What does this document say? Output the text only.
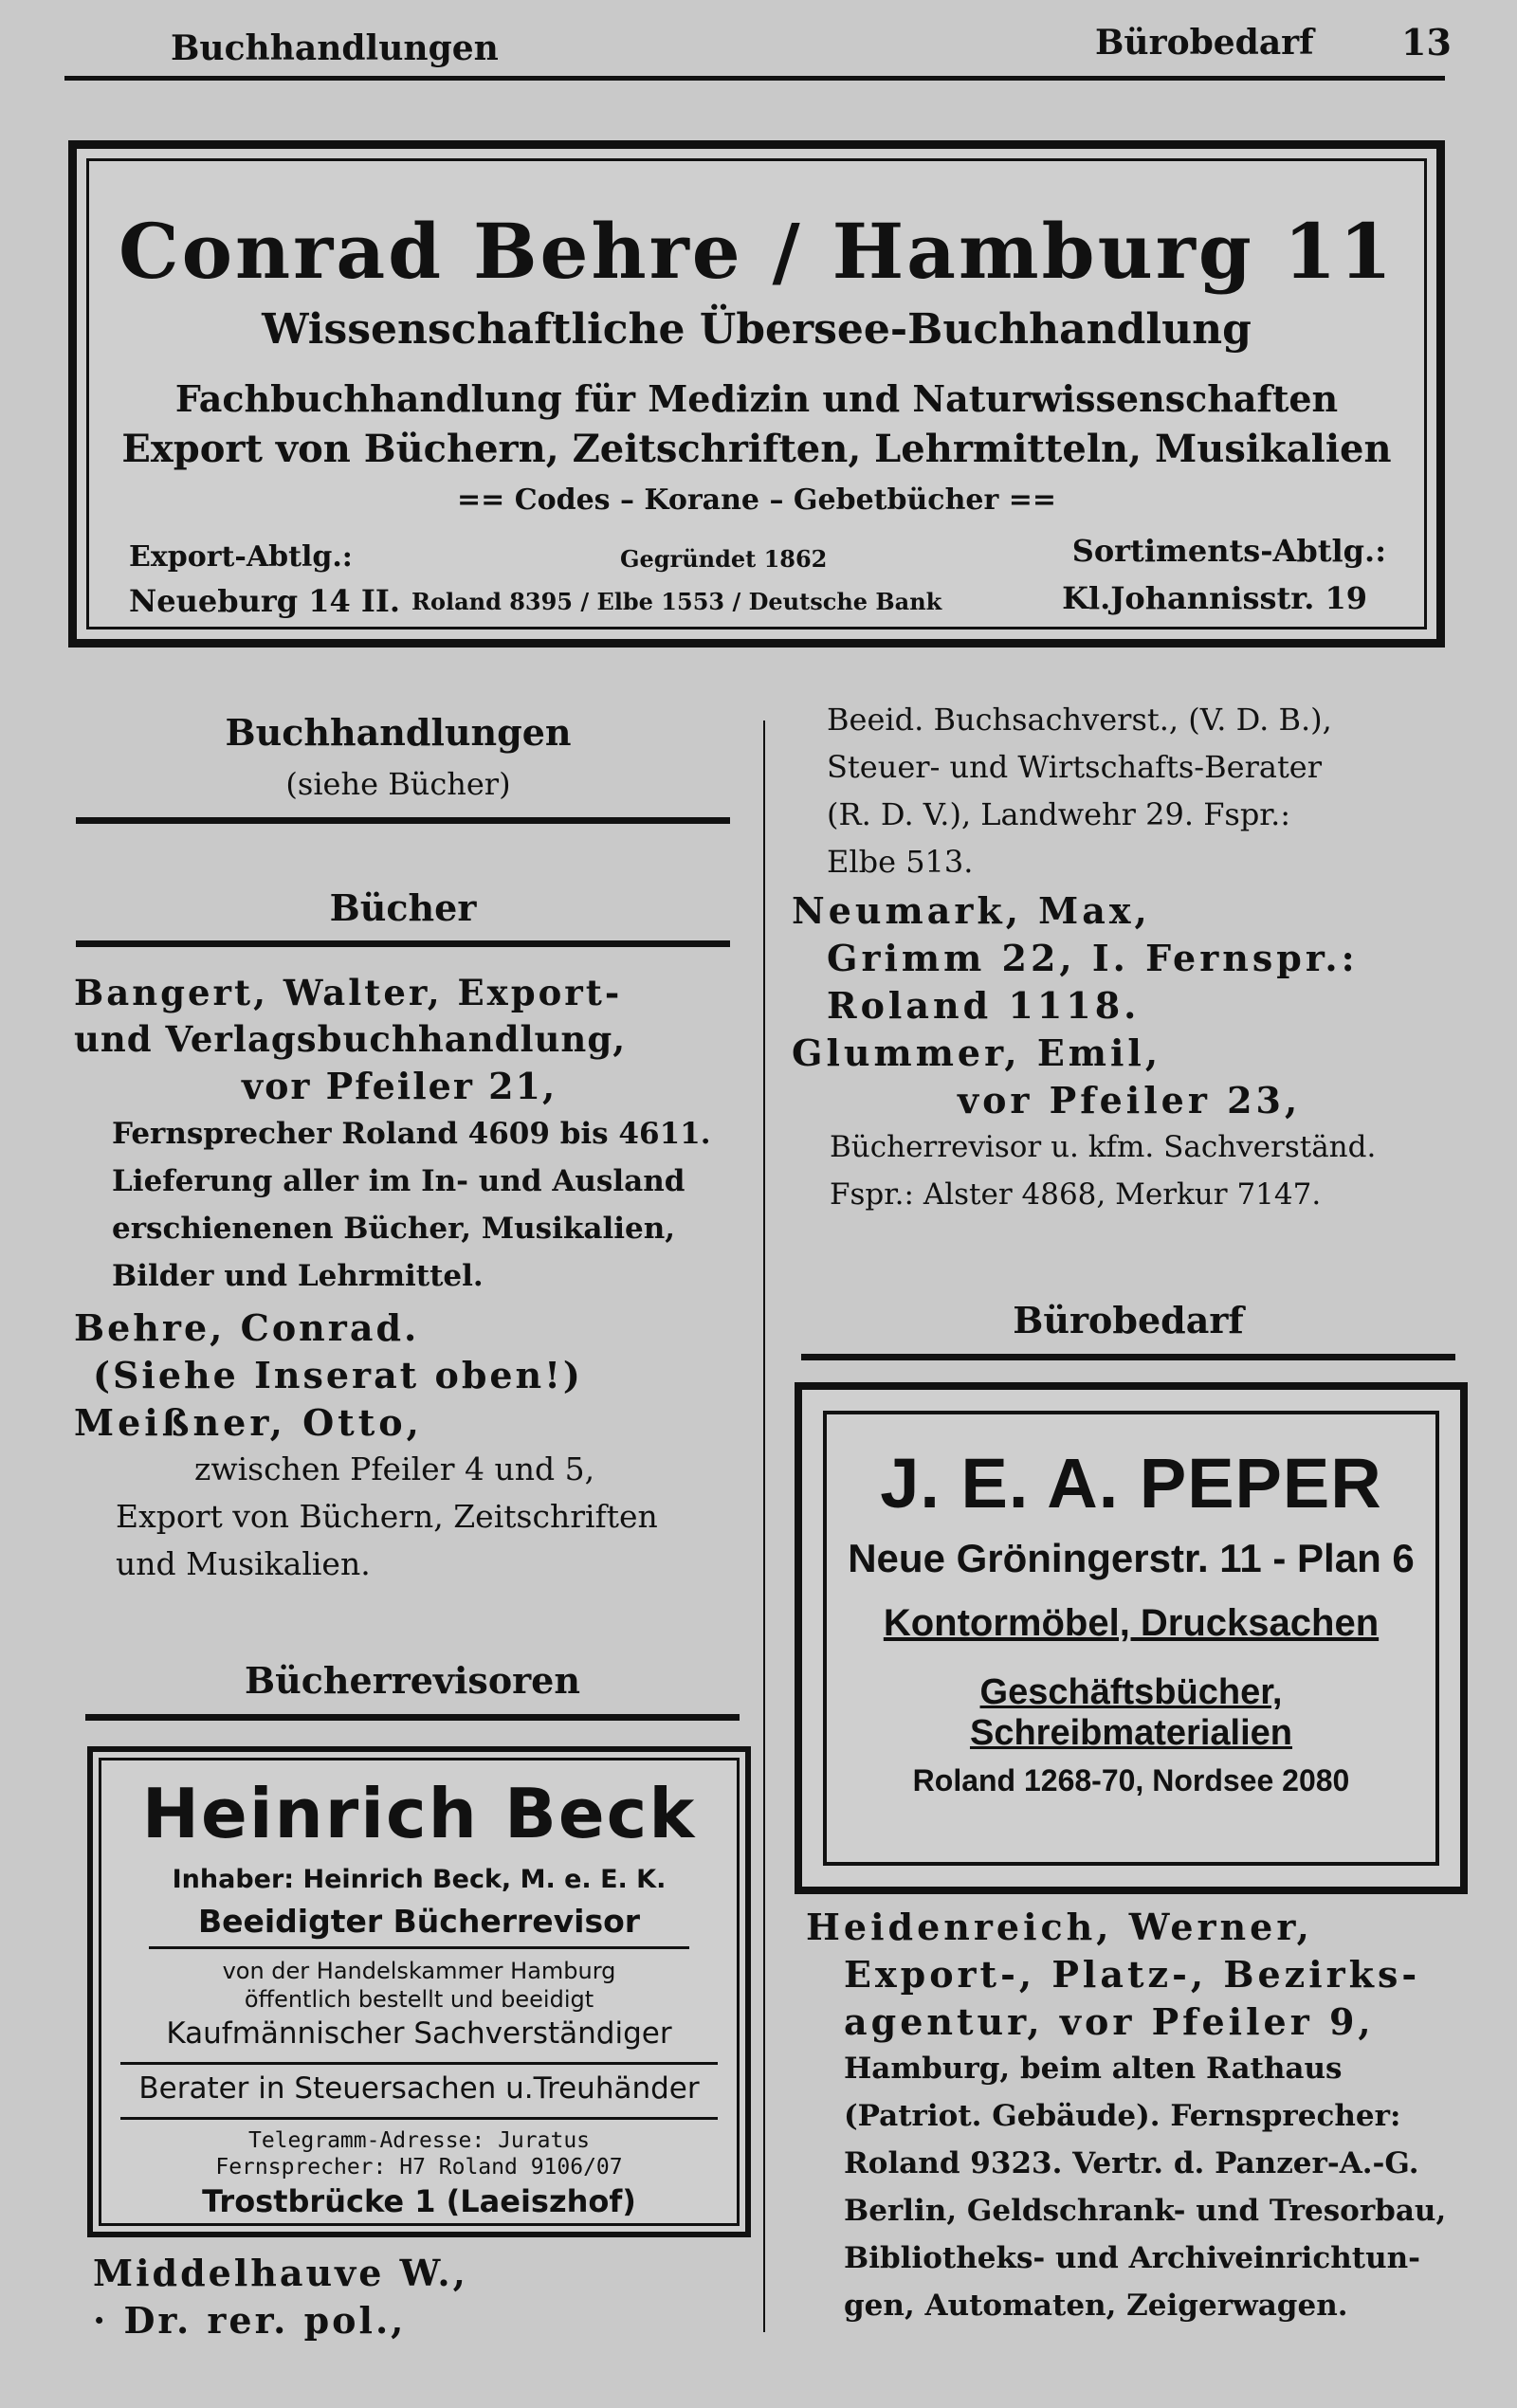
Buchhandlungen	Bürobedarf 13
Conrad Behre / Hamburg 11
Wissenschaftliche Übersee-Buchhandlung
Fachbuchhandlung für Medizin und Naturwissenschaften
Export von Büchern, Zeitschriften, Lehrmitteln, Musikalien
== Codes – Korane – Gebetbücher ==
Export-Abtlg.:
Neueburg 14 II.
Gegründet 1862
Roland 8395 / Elbe 1553 / Deutsche Bank
Sortiments-Abtlg.:
Kl.Johannisstr. 19
Buchhandlungen
(siehe Bücher)
Bücher
Bangert, Walter, Export-
und Verlagsbuchhandlung,
vor Pfeiler 21,
Fernsprecher Roland 4609 bis 4611.
Lieferung aller im In- und Ausland
erschienenen Bücher, Musikalien,
Bilder und Lehrmittel.
Behre, Conrad.
(Siehe Inserat oben!)
Meißner, Otto,
zwischen Pfeiler 4 und 5,
Export von Büchern, Zeitschriften
und Musikalien.
Bücherrevisoren
Heinrich Beck
Inhaber: Heinrich Beck, M. e. E. K.
Beeidigter Bücherrevisor
von der Handelskammer Hamburg
öffentlich bestellt und beeidigt
Kaufmännischer Sachverständiger
Berater in Steuersachen u.Treuhänder
Telegramm-Adresse: Juratus
Fernsprecher: H7 Roland 9106/07
Trostbrücke 1 (Laeiszhof)
Middelhauve W.,
· Dr. rer. pol.,
Beeid. Buchsachverst., (V. D. B.),
Steuer- und Wirtschafts-Berater
(R. D. V.), Landwehr 29. Fspr.:
Elbe 513.
Neumark, Max,
Grimm 22, I. Fernspr.:
Roland 1118.
Glummer, Emil,
vor Pfeiler 23,
Bücherrevisor u. kfm. Sachverständ.
Fspr.: Alster 4868, Merkur 7147.
Bürobedarf
J. E. A. PEPER
Neue Gröningerstr. 11 - Plan 6
Kontormöbel, Drucksachen
Geschäftsbücher, Schreibmaterialien
Roland 1268-70, Nordsee 2080
Heidenreich, Werner,
Export-, Platz-, Bezirks-
agentur, vor Pfeiler 9,
Hamburg, beim alten Rathaus
(Patriot. Gebäude). Fernsprecher:
Roland 9323. Vertr. d. Panzer-A.-G.
Berlin, Geldschrank- und Tresorbau,
Bibliotheks- und Archiveinrichtun-
gen, Automaten, Zeigerwagen.
